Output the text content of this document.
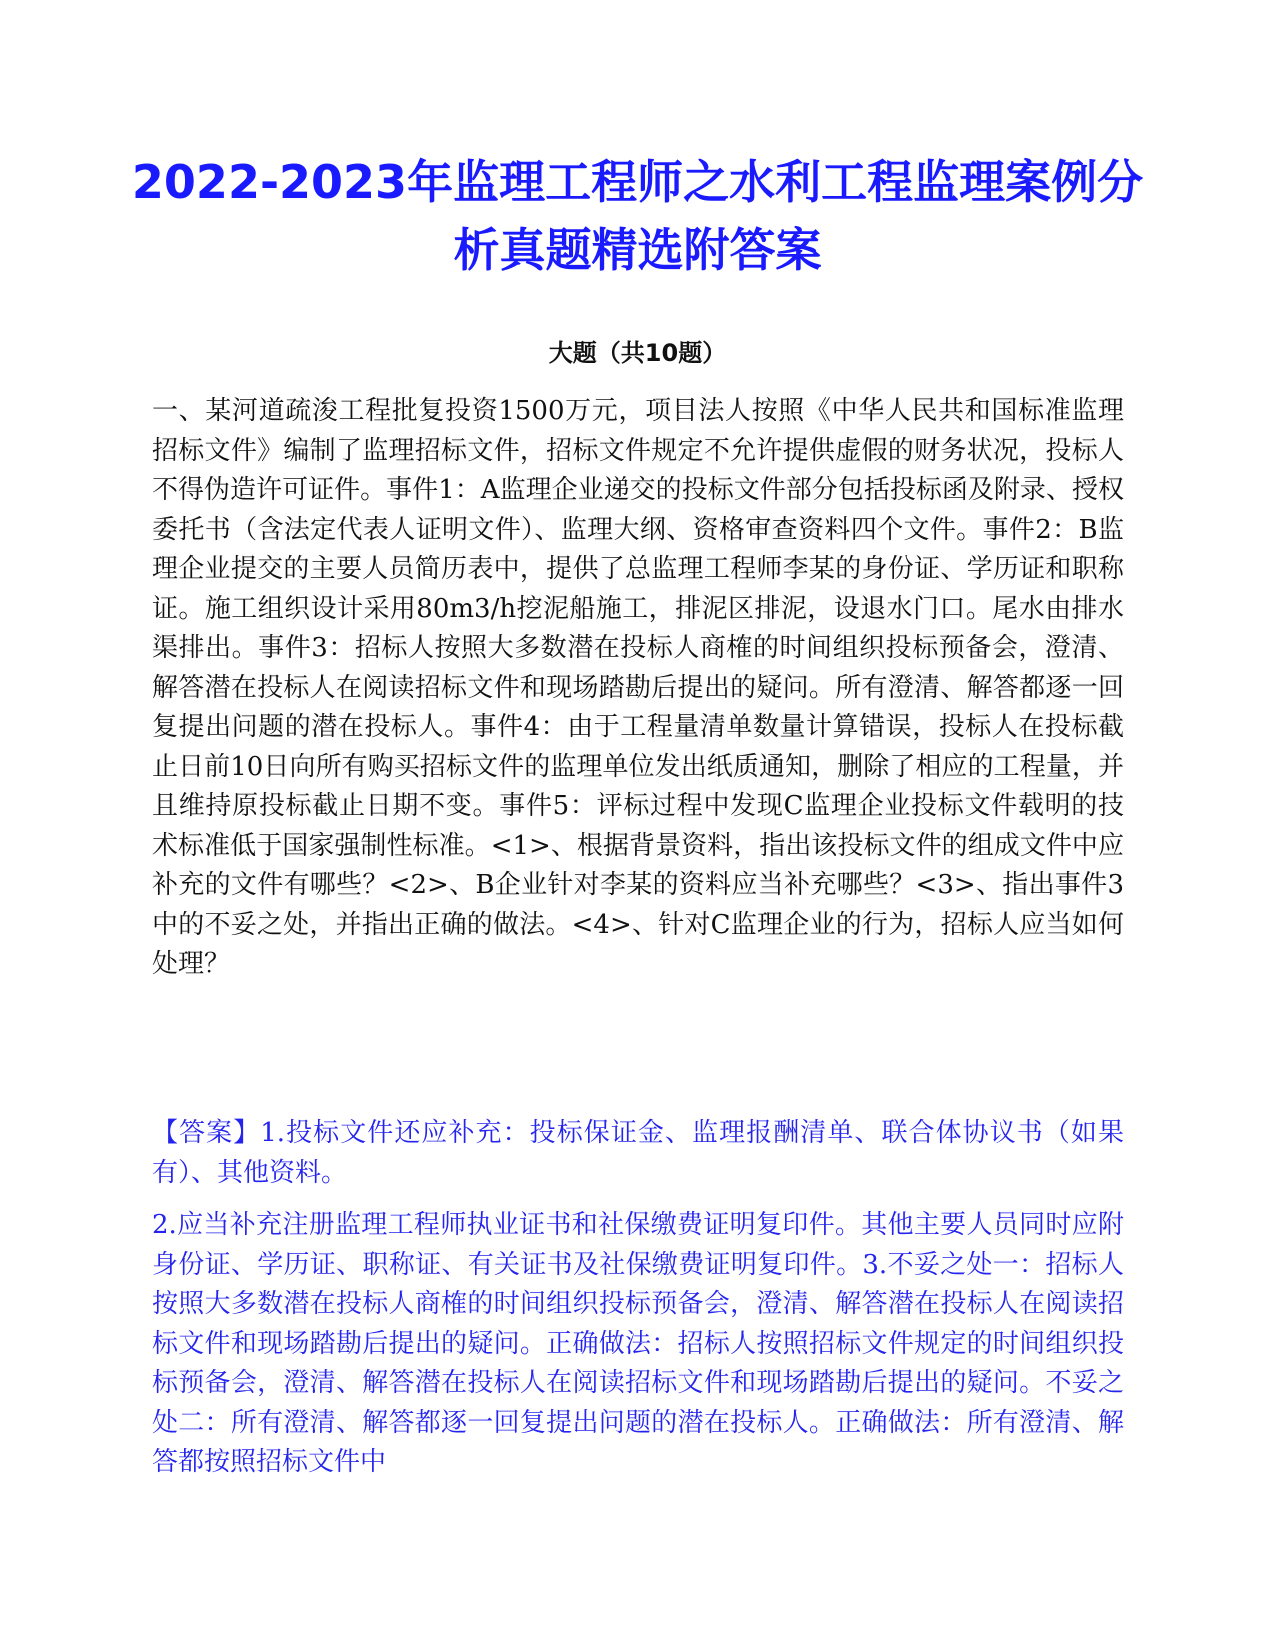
2022-2023年监理工程师之水利工程监理案例分析真题精选附答案
大题（共10题）
一、某河道疏浚工程批复投资1500万元，项目法人按照《中华人民共和国标准监理招标文件》编制了监理招标文件，招标文件规定不允许提供虚假的财务状况，投标人不得伪造许可证件。事件1：A监理企业递交的投标文件部分包括投标函及附录、授权委托书（含法定代表人证明文件）、监理大纲、资格审查资料四个文件。事件2：B监理企业提交的主要人员简历表中，提供了总监理工程师李某的身份证、学历证和职称证。施工组织设计采用80m3/h挖泥船施工，排泥区排泥，设退水门口。尾水由排水渠排出。事件3：招标人按照大多数潜在投标人商榷的时间组织投标预备会，澄清、解答潜在投标人在阅读招标文件和现场踏勘后提出的疑问。所有澄清、解答都逐一回复提出问题的潜在投标人。事件4：由于工程量清单数量计算错误，投标人在投标截止日前10日向所有购买招标文件的监理单位发出纸质通知，删除了相应的工程量，并且维持原投标截止日期不变。事件5：评标过程中发现C监理企业投标文件载明的技术标准低于国家强制性标准。<1>、根据背景资料，指出该投标文件的组成文件中应补充的文件有哪些？<2>、B企业针对李某的资料应当补充哪些？<3>、指出事件3中的不妥之处，并指出正确的做法。<4>、针对C监理企业的行为，招标人应当如何处理？
【答案】1.投标文件还应补充：投标保证金、监理报酬清单、联合体协议书（如果有）、其他资料。
2.应当补充注册监理工程师执业证书和社保缴费证明复印件。其他主要人员同时应附身份证、学历证、职称证、有关证书及社保缴费证明复印件。3.不妥之处一：招标人按照大多数潜在投标人商榷的时间组织投标预备会，澄清、解答潜在投标人在阅读招标文件和现场踏勘后提出的疑问。正确做法：招标人按照招标文件规定的时间组织投标预备会，澄清、解答潜在投标人在阅读招标文件和现场踏勘后提出的疑问。不妥之处二：所有澄清、解答都逐一回复提出问题的潜在投标人。正确做法：所有澄清、解答都按照招标文件中
